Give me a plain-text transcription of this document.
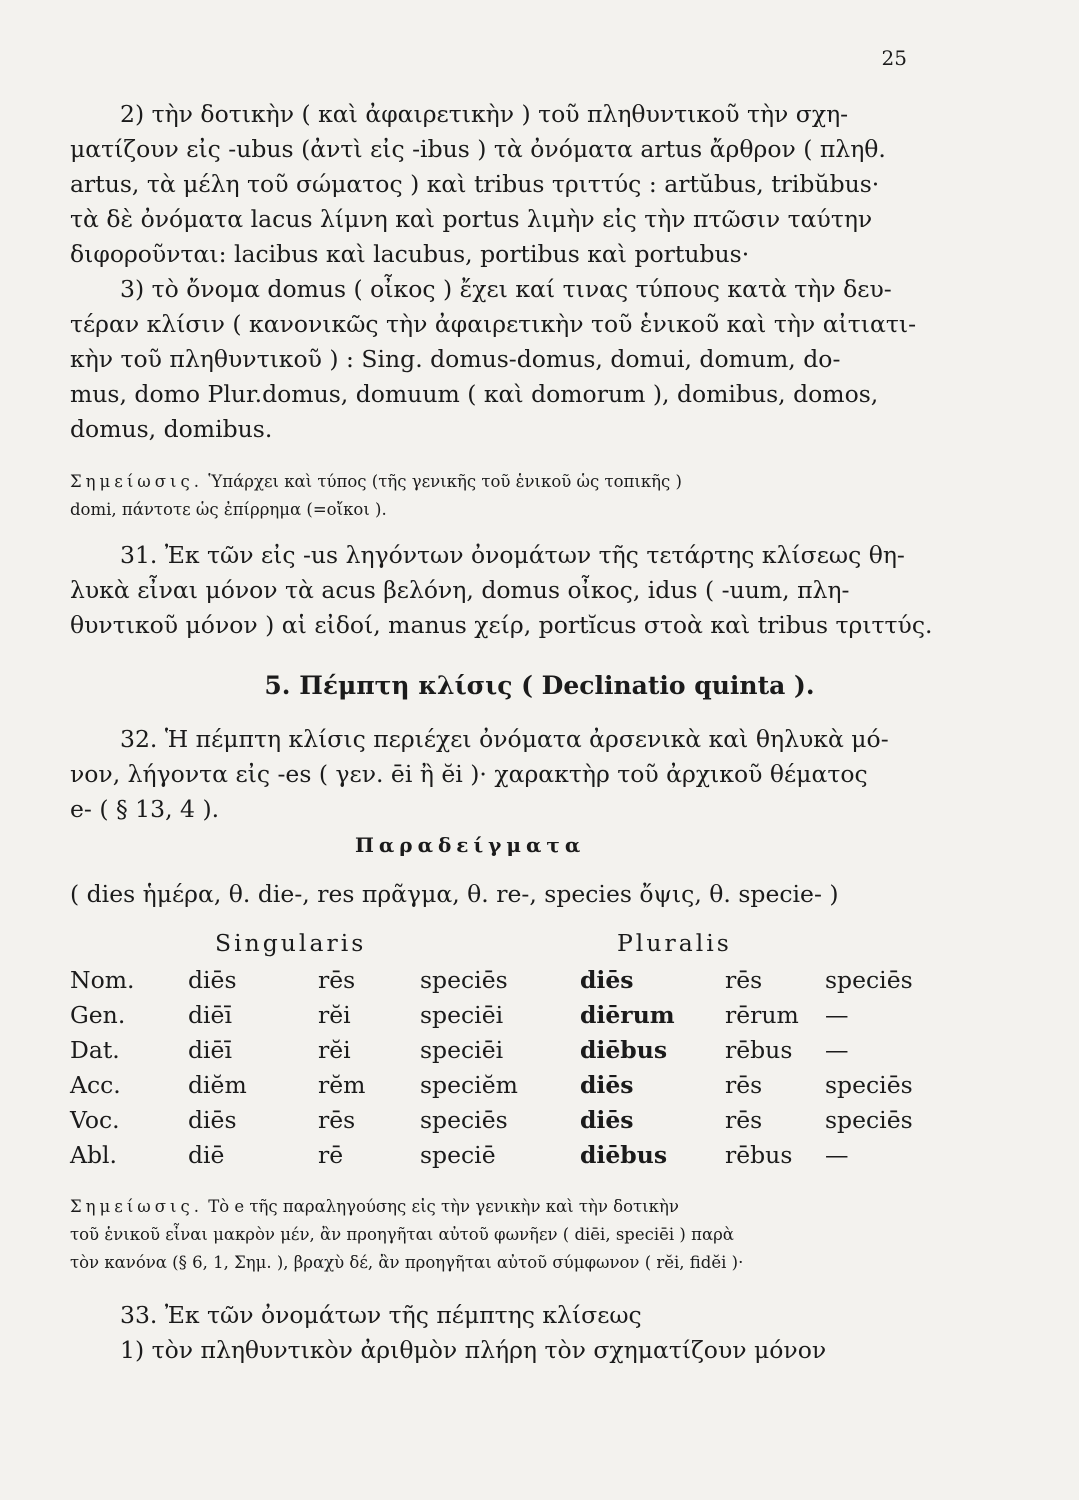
25
2) τὴν δοτικὴν ( καὶ ἀφαιρετικὴν ) τοῦ πληθυντικοῦ τὴν σχη-
ματίζουν εἰς -ubus (ἀντὶ εἰς -ibus ) τὰ ὀνόματα artus ἄρθρον ( πληθ.
artus, τὰ μέλη τοῦ σώματος ) καὶ tribus τριττύς : artŭbus, tribŭbus·
τὰ δὲ ὀνόματα lacus λίμνη καὶ portus λιμὴν εἰς τὴν πτῶσιν ταύτην
διφοροῦνται: lacibus καὶ lacubus, portibus καὶ portubus·
3) τὸ ὄνομα domus ( οἶκος ) ἔχει καί τινας τύπους κατὰ τὴν δευ-
τέραν κλίσιν ( κανονικῶς τὴν ἀφαιρετικὴν τοῦ ἑνικοῦ καὶ τὴν αἰτιατι-
κὴν τοῦ πληθυντικοῦ ) : Sing. domus-domus, domui, domum, do-
mus, domo Plur.domus, domuum ( καὶ domorum ), domibus, domos,
domus, domibus.
Σημείωσις. Ὑπάρχει καὶ τύπος (τῆς γενικῆς τοῦ ἑνικοῦ ὡς τοπικῆς )
domi, πάντοτε ὡς ἐπίρρημα (=οἴκοι ).
31. Ἐκ τῶν εἰς -us ληγόντων ὀνομάτων τῆς τετάρτης κλίσεως θη-
λυκὰ εἶναι μόνον τὰ acus βελόνη, domus οἶκος, idus ( -uum, πλη-
θυντικοῦ μόνον ) αἱ εἰδοί, manus χείρ, portĭcus στοὰ καὶ tribus τριττύς.
5. Πέμπτη κλίσις ( Declinatio quinta ).
32. Ἡ πέμπτη κλίσις περιέχει ὀνόματα ἀρσενικὰ καὶ θηλυκὰ μό-
νον, λήγοντα εἰς -es ( γεν. ēi ἢ ĕi )· χαρακτὴρ τοῦ ἀρχικοῦ θέματος
e- ( § 13, 4 ).
Παραδείγματα
( dies ἡμέρα, θ. die-, res πρᾶγμα, θ. re-, species ὄψις, θ. specie- )
Singularis	Pluralis
Nom. diēs	rēs	speciēs	diēs	rēs	speciēs
Gen.	diēī	rĕi	speciēi	diērum rērum —
Dat.	diēī	rĕi	speciēi	diēbus rēbus —
Acc.	diĕm	rĕm speciĕm	diēs	rēs	speciēs
Voc.	diēs	rēs	speciēs	diēs	rēs	speciēs
Abl.	diē	rē	speciē	diēbus rēbus —
Σημείωσις. Τὸ e τῆς παραληγούσης εἰς τὴν γενικὴν καὶ τὴν δοτικὴν
τοῦ ἑνικοῦ εἶναι μακρὸν μέν, ἂν προηγῆται αὐτοῦ φωνῆεν ( diēi, speciēi ) παρὰ
τὸν κανόνα (§ 6, 1, Σημ. ), βραχὺ δέ, ἂν προηγῆται αὐτοῦ σύμφωνον ( rĕi, fidĕi )·
33. Ἐκ τῶν ὀνομάτων τῆς πέμπτης κλίσεως
1) τὸν πληθυντικὸν ἀριθμὸν πλήρη τὸν σχηματίζουν μόνον
